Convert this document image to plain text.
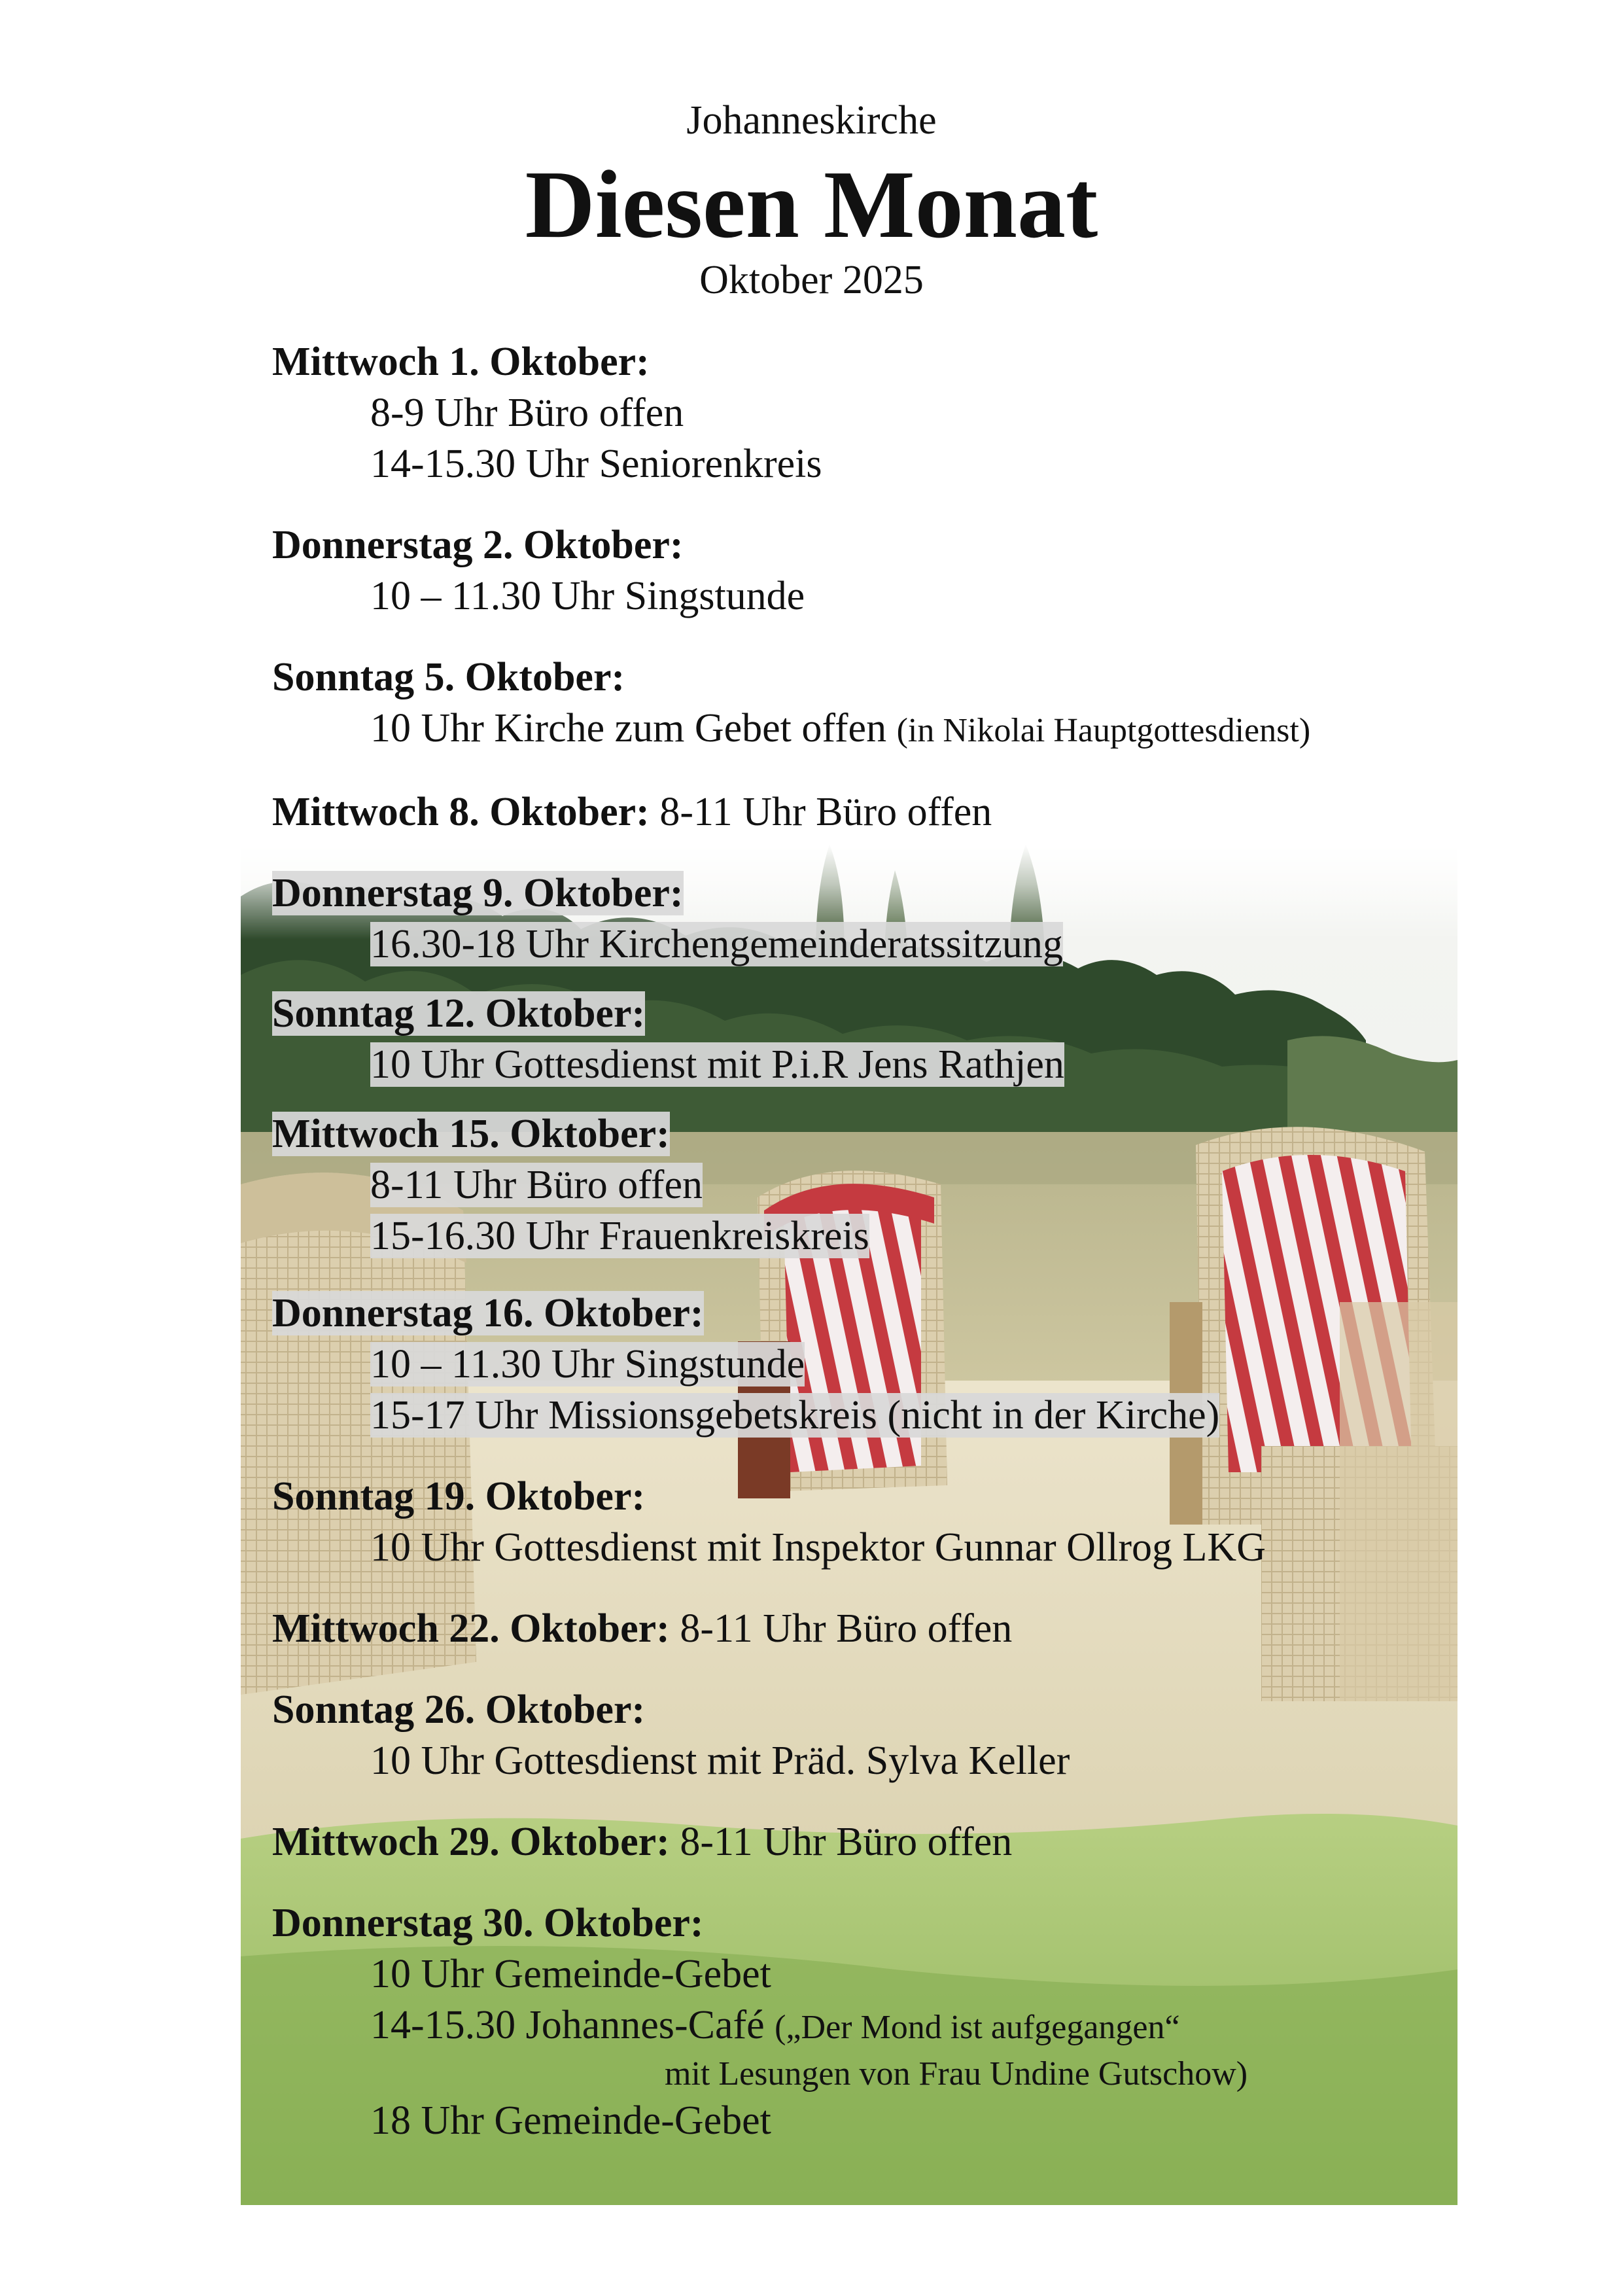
Johanneskirche
Diesen Monat
Oktober 2025
Mittwoch 1. Oktober:
8-9 Uhr Büro offen
14-15.30 Uhr Seniorenkreis
Donnerstag 2. Oktober:
10 – 11.30 Uhr Singstunde
Sonntag 5. Oktober:
10 Uhr Kirche zum Gebet offen (in Nikolai Hauptgottesdienst)
Mittwoch 8. Oktober: 8-11 Uhr Büro offen
Donnerstag 9. Oktober:
16.30-18 Uhr Kirchengemeinderatssitzung
Sonntag 12. Oktober:
10 Uhr Gottesdienst mit P.i.R Jens Rathjen
Mittwoch 15. Oktober:
8-11 Uhr Büro offen
15-16.30 Uhr Frauenkreiskreis
Donnerstag 16. Oktober:
10 – 11.30 Uhr Singstunde
15-17 Uhr Missionsgebetskreis (nicht in der Kirche)
Sonntag 19. Oktober:
10 Uhr Gottesdienst mit Inspektor Gunnar Ollrog LKG
Mittwoch 22. Oktober: 8-11 Uhr Büro offen
Sonntag 26. Oktober:
10 Uhr Gottesdienst mit Präd. Sylva Keller
Mittwoch 29. Oktober: 8-11 Uhr Büro offen
Donnerstag 30. Oktober:
10 Uhr Gemeinde-Gebet
14-15.30 Johannes-Café („Der Mond ist aufgegangen“
mit Lesungen von Frau Undine Gutschow)
18 Uhr Gemeinde-Gebet
